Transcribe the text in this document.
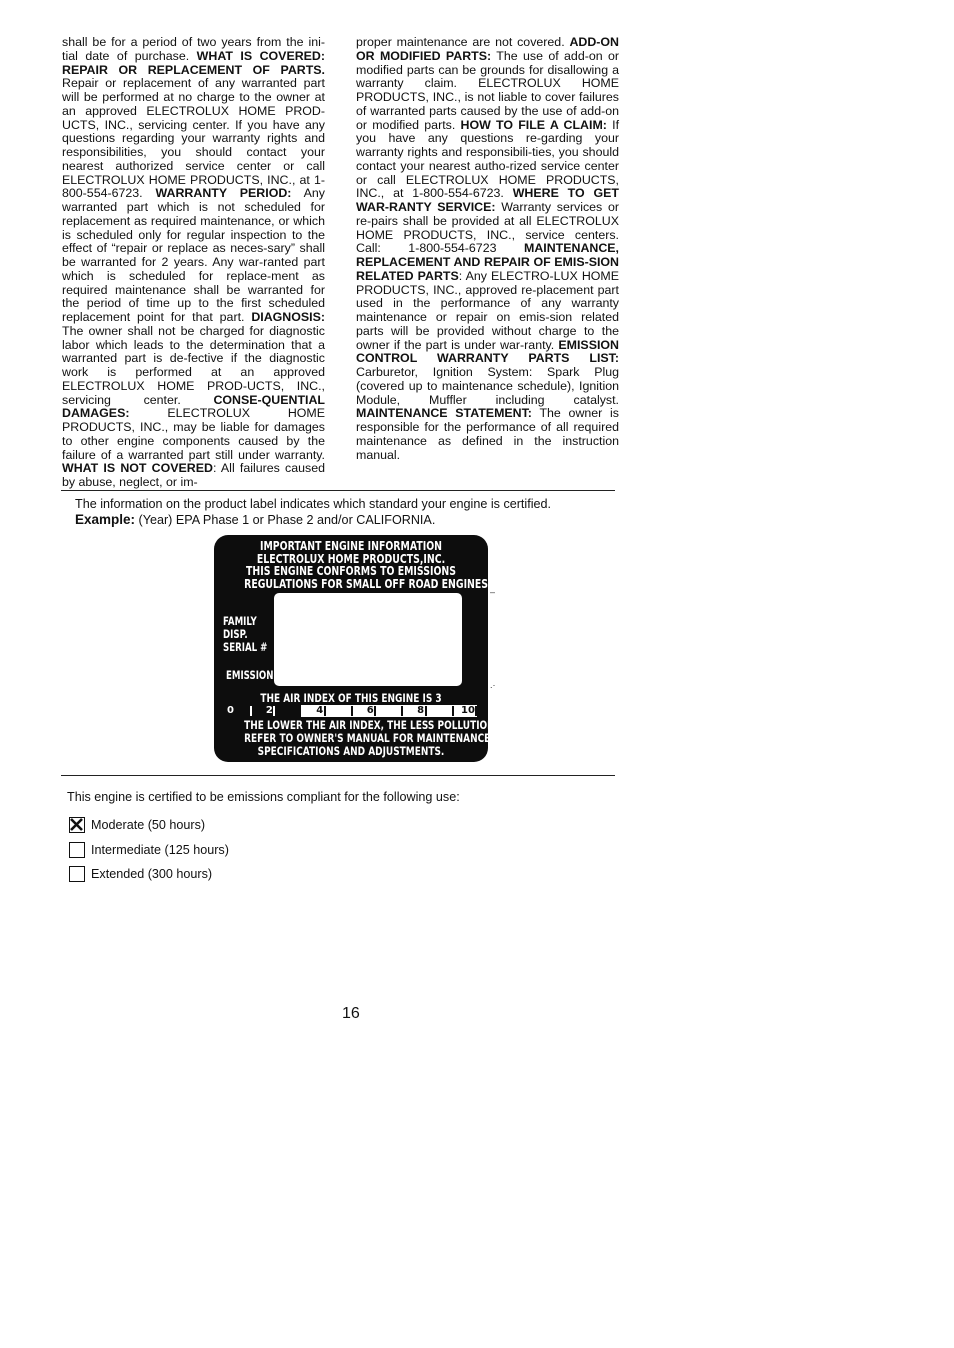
shall be for a period of two years from the ini-tial date of purchase. WHAT IS COVERED: REPAIR OR REPLACEMENT OF PARTS. Repair or replacement of any warranted part will be performed at no charge to the owner at an approved ELECTROLUX HOME PROD-UCTS, INC., servicing center. If you have any questions regarding your warranty rights and responsibilities, you should contact your nearest authorized service center or call ELECTROLUX HOME PRODUCTS, INC., at 1-800-554-6723. WARRANTY PERIOD: Any warranted part which is not scheduled for replacement as required maintenance, or which is scheduled only for regular inspection to the effect of “repair or replace as neces-sary” shall be warranted for 2 years. Any war-ranted part which is scheduled for replace-ment as required maintenance shall be warranted for the period of time up to the first scheduled replacement point for that part. DIAGNOSIS: The owner shall not be charged for diagnostic labor which leads to the determination that a warranted part is de-fective if the diagnostic work is performed at an approved ELECTROLUX HOME PROD-UCTS, INC., servicing center. CONSE-QUENTIAL DAMAGES: ELECTROLUX HOME PRODUCTS, INC., may be liable for damages to other engine components caused by the failure of a warranted part still under warranty. WHAT IS NOT COVERED: All failures caused by abuse, neglect, or im-
proper maintenance are not covered. ADD-ON OR MODIFIED PARTS: The use of add-on or modified parts can be grounds for disallowing a warranty claim. ELECTROLUX HOME PRODUCTS, INC., is not liable to cover failures of warranted parts caused by the use of add-on or modified parts. HOW TO FILE A CLAIM: If you have any questions re-garding your warranty rights and responsibili-ties, you should contact your nearest autho-rized service center or call ELECTROLUX HOME PRODUCTS, INC., at 1-800-554-6723. WHERE TO GET WAR-RANTY SERVICE: Warranty services or re-pairs shall be provided at all ELECTROLUX HOME PRODUCTS, INC., service centers. Call: 1-800-554-6723 MAINTENANCE, REPLACEMENT AND REPAIR OF EMIS-SION RELATED PARTS: Any ELECTRO-LUX HOME PRODUCTS, INC., approved re-placement part used in the performance of any warranty maintenance or repair on emis-sion related parts will be provided without charge to the owner if the part is under war-ranty. EMISSION CONTROL WARRANTY PARTS LIST: Carburetor, Ignition System: Spark Plug (covered up to maintenance schedule), Ignition Module, Muffler including catalyst. MAINTENANCE STATEMENT: The owner is responsible for the performance of all required maintenance as defined in the instruction manual.
The information on the product label indicates which standard your engine is certified.
Example: (Year) EPA Phase 1 or Phase 2 and/or CALIFORNIA.
IMPORTANT ENGINE INFORMATION
ELECTROLUX HOME PRODUCTS,INC.
THIS ENGINE CONFORMS TO EMISSIONS
REGULATIONS FOR SMALL OFF ROAD ENGINES
FAMILY
DISP.
SERIAL #
EMISSION
THE AIR INDEX OF THIS ENGINE IS 3
0	2	4	6	8	10
THE LOWER THE AIR INDEX, THE LESS POLLUTION
REFER TO OWNER'S MANUAL FOR MAINTENANCE
SPECIFICATIONS AND ADJUSTMENTS.
–
.·
This engine is certified to be emissions compliant for the following use:
Moderate (50 hours)
Intermediate (125 hours)
Extended (300 hours)
16
